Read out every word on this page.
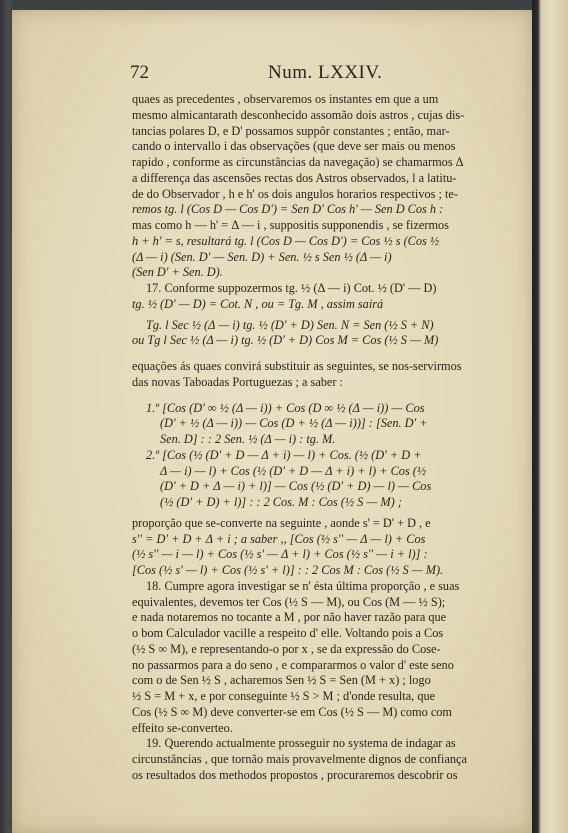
72	Num. LXXIV.
quaes as precedentes , observaremos os instantes em que a um
mesmo almicantarath desconhecido assomão dois astros , cujas dis-
tancias polares D, e D' possamos suppôr constantes ; então, mar-
cando o intervallo i das observações (que deve ser mais ou menos
rapido , conforme as circunstâncias da navegação) se chamarmos Δ
a differença das ascensões rectas dos Astros observados, l a latitu-
de do Observador , h e h' os dois angulos horarios respectivos ; te-
remos tg. l (Cos D — Cos D') = Sen D' Cos h' — Sen D Cos h :
mas como h — h' = Δ — i , suppositis supponendis , se fizermos
h + h' = s, resultará tg. l (Cos D — Cos D') = Cos ½ s (Cos ½
(Δ — i) (Sen. D' — Sen. D) + Sen. ½ s Sen ½ (Δ — i)
(Sen D' + Sen. D).
17. Conforme suppozermos tg. ½ (Δ — i) Cot. ½ (D' — D)
tg. ½ (D' — D) = Cot. N , ou = Tg. M , assim sairá
Tg. l Sec ½ (Δ — i) tg. ½ (D' + D) Sen. N = Sen (½ S + N)
ou Tg l Sec ½ (Δ — i) tg. ½ (D' + D) Cos M = Cos (½ S — M)
equações ás quaes convirá substituir as seguintes, se nos-servirmos
das novas Taboadas Portuguezas ; a saber :
1.º [Cos (D' ∞ ½ (Δ — i)) + Cos (D ∞ ½ (Δ — i)) — Cos
(D' + ½ (Δ — i)) — Cos (D + ½ (Δ — i))] : [Sen. D' +
Sen. D] : : 2 Sen. ½ (Δ — i) : tg. M.
2.º [Cos (½ (D' + D — Δ + i) — l) + Cos. (½ (D' + D +
Δ — i) — l) + Cos (½ (D' + D — Δ + i) + l) + Cos (½
(D' + D + Δ — i) + l)] — Cos (½ (D' + D) — l) — Cos
(½ (D' + D) + l)] : : 2 Cos. M : Cos (½ S — M) ;
proporção que se-converte na seguinte , aonde s' = D' + D , e
s'' = D' + D + Δ + i ; a saber ,, [Cos (½ s'' — Δ — l) + Cos
(½ s'' — i — l) + Cos (½ s' — Δ + l) + Cos (½ s'' — i + l)] :
[Cos (½ s' — l) + Cos (½ s' + l)] : : 2 Cos M : Cos (½ S — M).
18. Cumpre agora investigar se n' ésta última proporção , e suas
equivalentes, devemos ter Cos (½ S — M), ou Cos (M — ½ S);
e nada notaremos no tocante a M , por não haver razão para que
o bom Calculador vacille a respeito d' elle. Voltando pois a Cos
(½ S ∞ M), e representando-o por x , se da expressão do Cose-
no passarmos para a do seno , e compararmos o valor d' este seno
com o de Sen ½ S , acharemos Sen ½ S = Sen (M + x) ; logo
½ S = M + x, e por conseguinte ½ S > M ; d'onde resulta, que
Cos (½ S ∞ M) deve converter-se em Cos (½ S — M) como com
effeito se-converteo.
19. Querendo actualmente prosseguir no systema de indagar as
circunstâncias , que tornão mais provavelmente dignos de confiança
os resultados dos methodos propostos , procuraremos descobrir os
